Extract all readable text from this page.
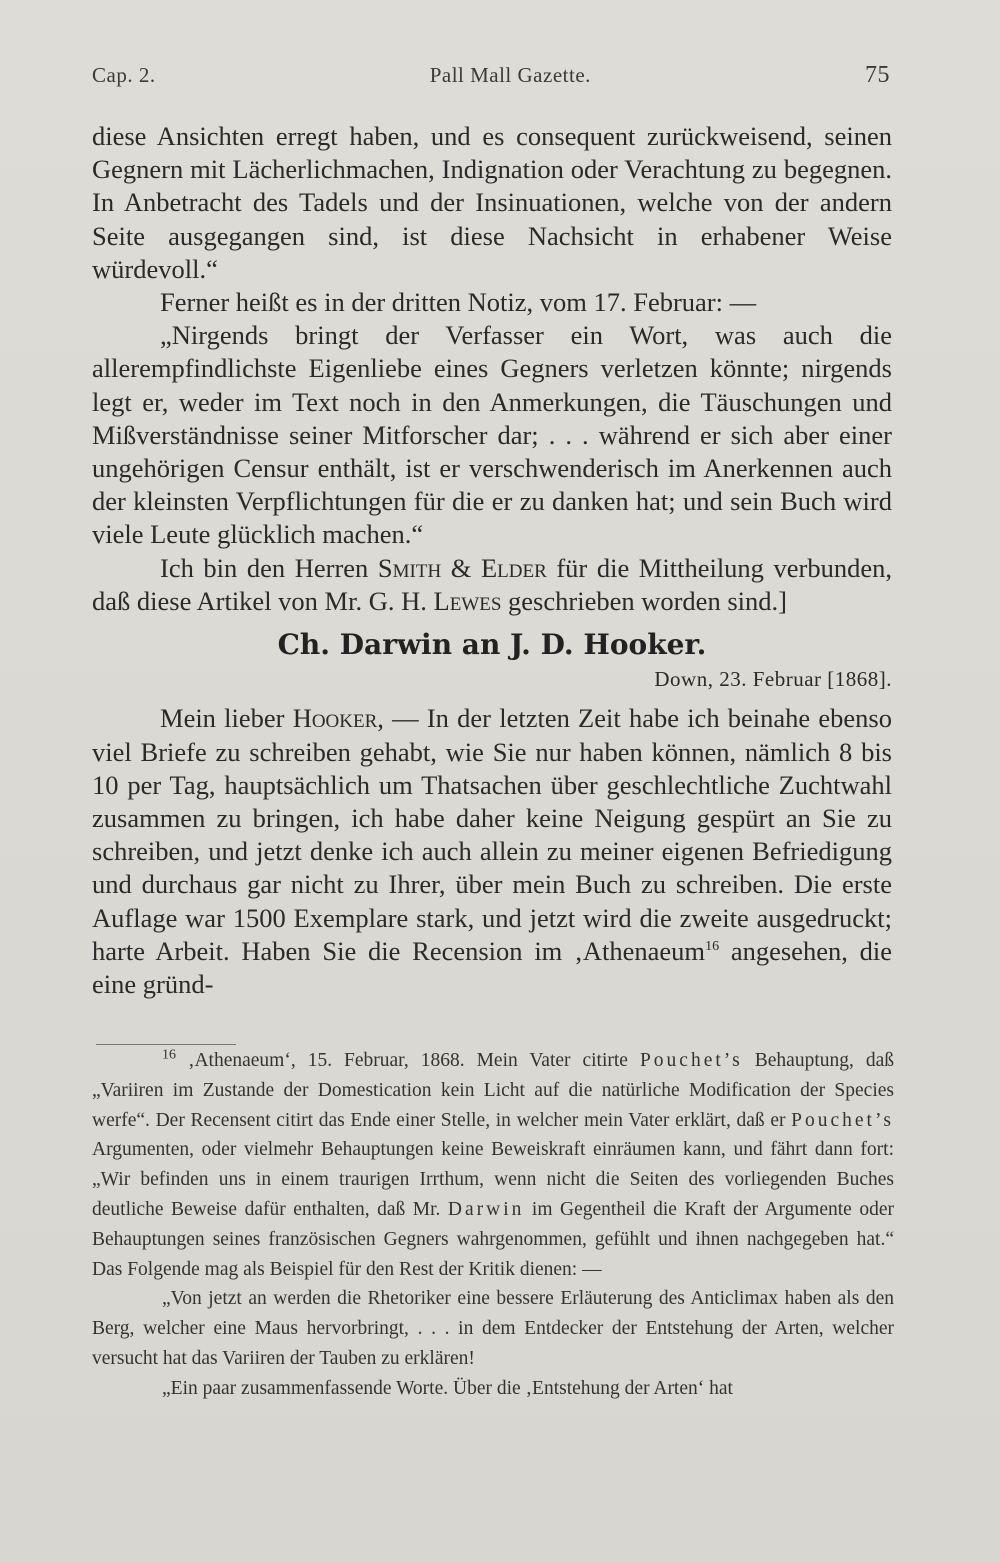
Cap. 2.	Pall Mall Gazette.	75

diese Ansichten erregt haben, und es consequent zurückweisend, seinen Gegnern mit Lächerlichmachen, Indignation oder Verachtung zu begegnen. In Anbetracht des Tadels und der Insinuationen, welche von der andern Seite ausgegangen sind, ist diese Nachsicht in erhabener Weise würdevoll.“

Ferner heißt es in der dritten Notiz, vom 17. Februar: —

„Nirgends bringt der Verfasser ein Wort, was auch die allerempfindlichste Eigenliebe eines Gegners verletzen könnte; nirgends legt er, weder im Text noch in den Anmerkungen, die Täuschungen und Mißverständnisse seiner Mitforscher dar; . . . während er sich aber einer ungehörigen Censur enthält, ist er verschwenderisch im Anerkennen auch der kleinsten Verpflichtungen für die er zu danken hat; und sein Buch wird viele Leute glücklich machen.“

Ich bin den Herren Smith & Elder für die Mittheilung verbunden, daß diese Artikel von Mr. G. H. Lewes geschrieben worden sind.]

Ch. Darwin an J. D. Hooker.
Down, 23. Februar [1868].

Mein lieber Hooker, — In der letzten Zeit habe ich beinahe ebenso viel Briefe zu schreiben gehabt, wie Sie nur haben können, nämlich 8 bis 10 per Tag, hauptsächlich um Thatsachen über geschlechtliche Zuchtwahl zusammen zu bringen, ich habe daher keine Neigung gespürt an Sie zu schreiben, und jetzt denke ich auch allein zu meiner eigenen Befriedigung und durchaus gar nicht zu Ihrer, über mein Buch zu schreiben. Die erste Auflage war 1500 Exemplare stark, und jetzt wird die zweite ausgedruckt; harte Arbeit. Haben Sie die Recension im ‚Athenaeum$^{16}$ angesehen, die eine gründ-

$^{16}$ ‚Athenaeum‘, 15. Februar, 1868. Mein Vater citirte Pouchet’s Behauptung, daß „Variiren im Zustande der Domestication kein Licht auf die natürliche Modification der Species werfe“. Der Recensent citirt das Ende einer Stelle, in welcher mein Vater erklärt, daß er Pouchet’s Argumenten, oder vielmehr Behauptungen keine Beweiskraft einräumen kann, und fährt dann fort: „Wir befinden uns in einem traurigen Irrthum, wenn nicht die Seiten des vorliegenden Buches deutliche Beweise dafür enthalten, daß Mr. Darwin im Gegentheil die Kraft der Argumente oder Behauptungen seines französischen Gegners wahrgenommen, gefühlt und ihnen nachgegeben hat.“ Das Folgende mag als Beispiel für den Rest der Kritik dienen: —

„Von jetzt an werden die Rhetoriker eine bessere Erläuterung des Anticlimax haben als den Berg, welcher eine Maus hervorbringt, . . . in dem Entdecker der Entstehung der Arten, welcher versucht hat das Variiren der Tauben zu erklären!

„Ein paar zusammenfassende Worte. Über die ‚Entstehung der Arten‘ hat
